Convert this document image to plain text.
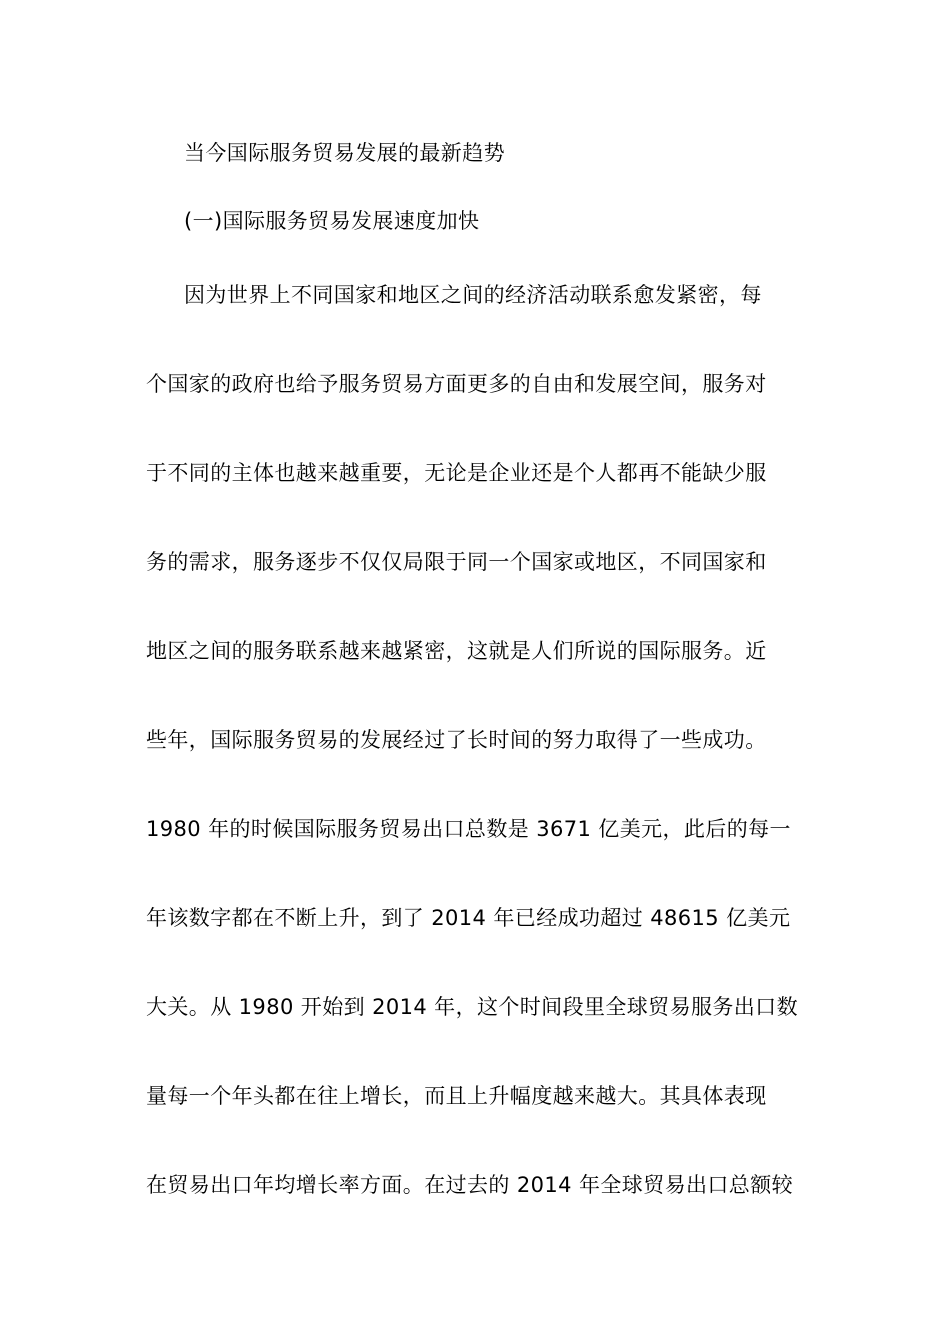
当今国际服务贸易发展的最新趋势
(一)国际服务贸易发展速度加快
因为世界上不同国家和地区之间的经济活动联系愈发紧密，每
个国家的政府也给予服务贸易方面更多的自由和发展空间，服务对
于不同的主体也越来越重要，无论是企业还是个人都再不能缺少服
务的需求，服务逐步不仅仅局限于同一个国家或地区，不同国家和
地区之间的服务联系越来越紧密，这就是人们所说的国际服务。近
些年，国际服务贸易的发展经过了长时间的努力取得了一些成功。
1980 年的时候国际服务贸易出口总数是 3671 亿美元，此后的每一
年该数字都在不断上升，到了 2014 年已经成功超过 48615 亿美元
大关。从 1980 开始到 2014 年，这个时间段里全球贸易服务出口数
量每一个年头都在往上增长，而且上升幅度越来越大。其具体表现
在贸易出口年均增长率方面。在过去的 2014 年全球贸易出口总额较
